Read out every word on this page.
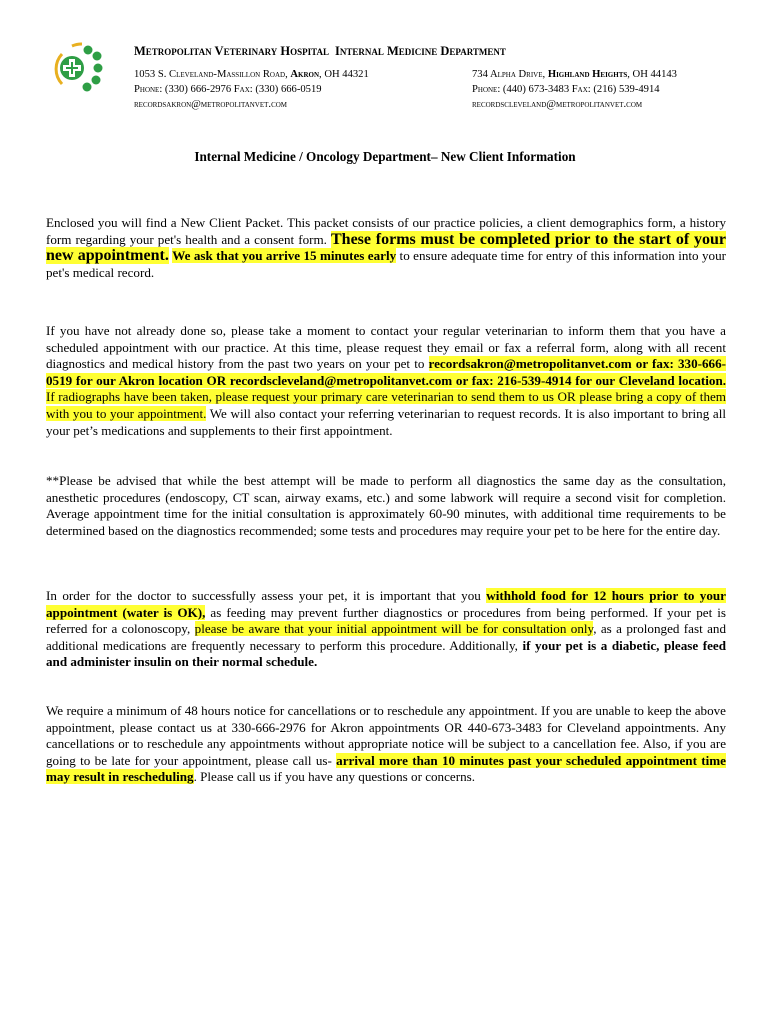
Metropolitan Veterinary Hospital Internal Medicine Department
1053 S. Cleveland-Massillon Road, Akron, OH 44321
Phone: (330) 666-2976 Fax: (330) 666-0519
recordsakron@metropolitanvet.com
734 Alpha Drive, Highland Heights, OH 44143
Phone: (440) 673-3483 Fax: (216) 539-4914
recordscleveland@metropolitanvet.com
Internal Medicine / Oncology Department– New Client Information
Enclosed you will find a New Client Packet. This packet consists of our practice policies, a client demographics form, a history form regarding your pet's health and a consent form. These forms must be completed prior to the start of your new appointment. We ask that you arrive 15 minutes early to ensure adequate time for entry of this information into your pet's medical record.
If you have not already done so, please take a moment to contact your regular veterinarian to inform them that you have a scheduled appointment with our practice. At this time, please request they email or fax a referral form, along with all recent diagnostics and medical history from the past two years on your pet to recordsakron@metropolitanvet.com or fax: 330-666-0519 for our Akron location OR recordscleveland@metropolitanvet.com or fax: 216-539-4914 for our Cleveland location. If radiographs have been taken, please request your primary care veterinarian to send them to us OR please bring a copy of them with you to your appointment. We will also contact your referring veterinarian to request records. It is also important to bring all your pet’s medications and supplements to their first appointment.
**Please be advised that while the best attempt will be made to perform all diagnostics the same day as the consultation, anesthetic procedures (endoscopy, CT scan, airway exams, etc.) and some labwork will require a second visit for completion. Average appointment time for the initial consultation is approximately 60-90 minutes, with additional time requirements to be determined based on the diagnostics recommended; some tests and procedures may require your pet to be here for the entire day.
In order for the doctor to successfully assess your pet, it is important that you withhold food for 12 hours prior to your appointment (water is OK), as feeding may prevent further diagnostics or procedures from being performed. If your pet is referred for a colonoscopy, please be aware that your initial appointment will be for consultation only, as a prolonged fast and additional medications are frequently necessary to perform this procedure. Additionally, if your pet is a diabetic, please feed and administer insulin on their normal schedule.
We require a minimum of 48 hours notice for cancellations or to reschedule any appointment. If you are unable to keep the above appointment, please contact us at 330-666-2976 for Akron appointments OR 440-673-3483 for Cleveland appointments. Any cancellations or to reschedule any appointments without appropriate notice will be subject to a cancellation fee. Also, if you are going to be late for your appointment, please call us- arrival more than 10 minutes past your scheduled appointment time may result in rescheduling. Please call us if you have any questions or concerns.
